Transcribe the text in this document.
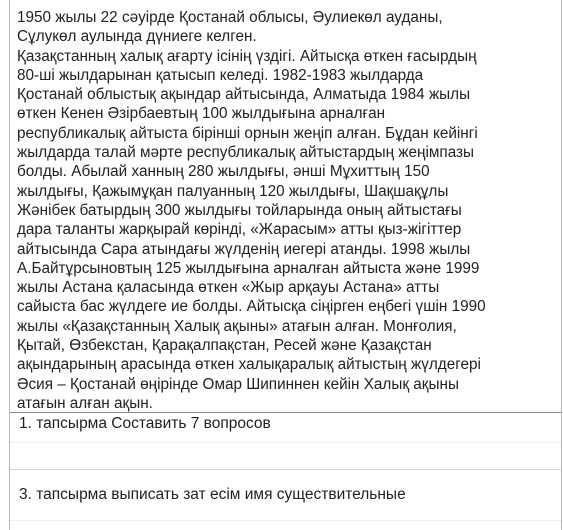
1950 жылы 22 сәуірде Қостанай облысы, Әулиекөл ауданы,
Сұлукөл аулында дүниеге келген.
Қазақстанның халық ағарту ісінің үздігі. Айтысқа өткен ғасырдың
80-ші жылдарынан қатысып келеді. 1982-1983 жылдарда
Қостанай облыстық ақындар айтысында, Алматыда 1984 жылы
өткен Кенен Әзірбаевтың 100 жылдығына арналған
республикалық айтыста бірінші орнын жеңіп алған. Бұдан кейінгі
жылдарда талай мәрте республикалық айтыстардың жеңімпазы
болды. Абылай ханның 280 жылдығы, әнші Мұхиттың 150
жылдығы, Қажымұқан палуанның 120 жылдығы, Шақшақұлы
Жәнібек батырдың 300 жылдығы тойларында оның айтыстағы
дара таланты жарқырай көрінді, «Жарасым» атты қыз-жігіттер
айтысында Сара атындағы жүлденің иегері атанды. 1998 жылы
А.Байтұрсыновтың 125 жылдығына арналған айтыста және 1999
жылы Астана қаласында өткен «Жыр арқауы Астана» атты
сайыста бас жүлдеге ие болды. Айтысқа сіңірген еңбегі үшін 1990
жылы «Қазақстанның Халық ақыны» атағын алған. Монғолия,
Қытай, Өзбекстан, Қарақалпақстан, Ресей және Қазақстан
ақындарының арасында өткен халықаралық айтыстың жүлдегері
Әсия – Қостанай өңірінде Омар Шипиннен кейін Халық ақыны
атағын алған ақын.
1. тапсырма Составить 7 вопросов
3. тапсырма выписать зат есім имя существительные
